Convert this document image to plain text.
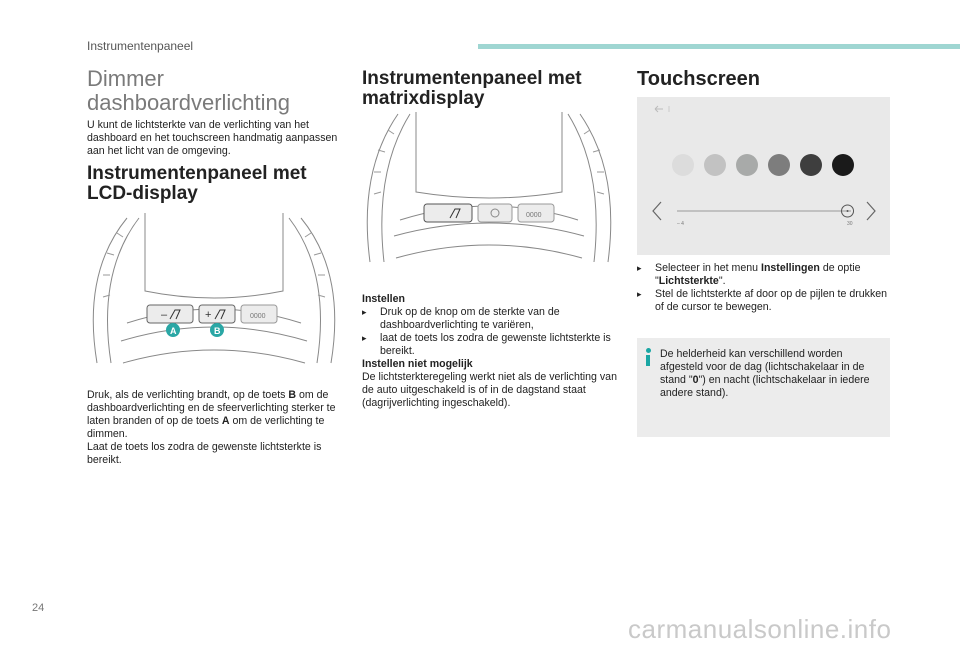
Instrumentenpaneel
Dimmer dashboardverlichting

U kunt de lichtsterkte van de verlichting van het dashboard en het touchscreen handmatig aanpassen aan het licht van de omgeving.

Instrumentenpaneel met LCD-display
–	+	0000
A	B

Druk, als de verlichting brandt, op de toets B om de dashboardverlichting en de sfeerverlichting sterker te laten branden of op de toets A om de verlichting te dimmen.

Laat de toets los zodra de gewenste lichtsterkte is bereikt.

Instrumentenpaneel met matrixdisplay
0000

Instellen

▸	Druk op de knop om de sterkte van de dashboardverlichting te variëren,
▸	laat de toets los zodra de gewenste lichtsterkte is bereikt.

Instellen niet mogelijk

De lichtsterkteregeling werkt niet als de verlichting van de auto uitgeschakeld is of in de dagstand staat (dagrijverlichting ingeschakeld).

Touchscreen
– 4	30
▸	Selecteer in het menu Instellingen de optie "Lichtsterkte".
▸	Stel de lichtsterkte af door op de pijlen te drukken of de cursor te bewegen.

De helderheid kan verschillend worden afgesteld voor de dag (lichtschakelaar in de stand "0") en nacht (lichtschakelaar in iedere andere stand).

24
carmanualsonline.info
